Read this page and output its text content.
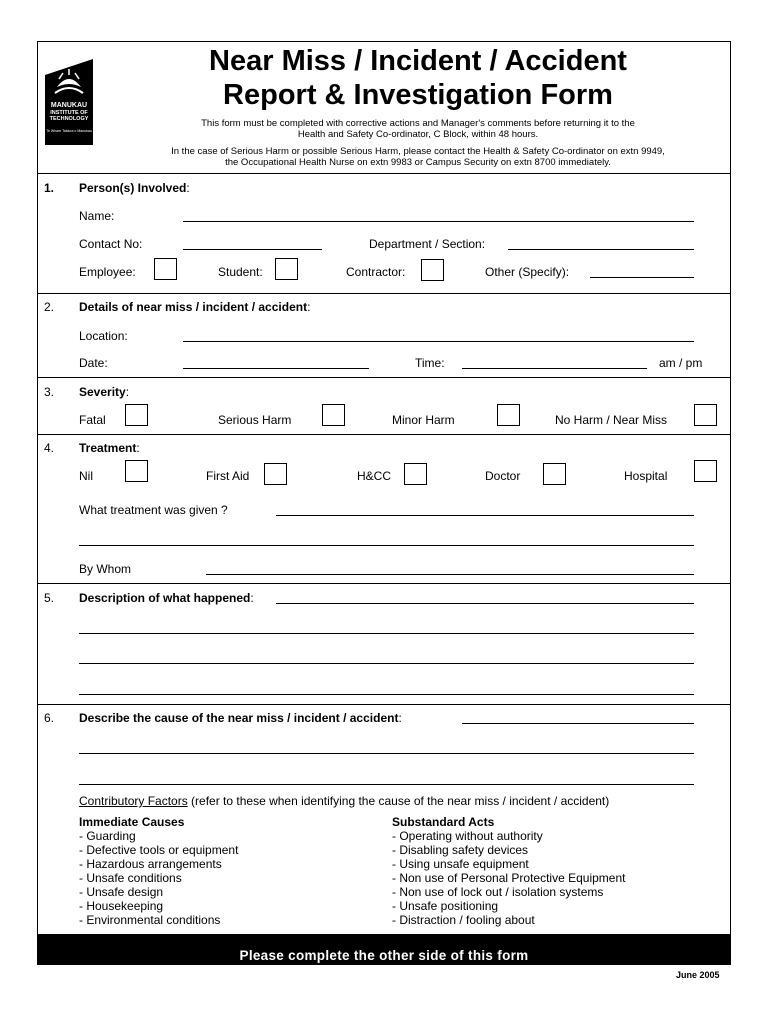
MANUKAU
INSTITUTE OF
TECHNOLOGY
Te Whare Takiura o Manukau
Near Miss / Incident / Accident
Report & Investigation Form
This form must be completed with corrective actions and Manager's comments before returning it to the
Health and Safety Co-ordinator, C Block, within 48 hours.
In the case of Serious Harm or possible Serious Harm, please contact the Health & Safety Co-ordinator on extn 9949,
the Occupational Health Nurse on extn 9983 or Campus Security on extn 8700 immediately.
1. Person(s) Involved:
Name:
Contact No:	Department / Section:
Employee:	Student:	Contractor:	Other (Specify):
2. Details of near miss / incident / accident:
Location:
Date:	Time:	am / pm
3. Severity:
Fatal	Serious Harm	Minor Harm	No Harm / Near Miss
4. Treatment:
Nil	First Aid	H&CC	Doctor	Hospital
What treatment was given ?
By Whom
5. Description of what happened:
6. Describe the cause of the near miss / incident / accident:
Contributory Factors (refer to these when identifying the cause of the near miss / incident / accident)
Immediate Causes
- Guarding
- Defective tools or equipment
- Hazardous arrangements
- Unsafe conditions
- Unsafe design
- Housekeeping
- Environmental conditions
Substandard Acts
- Operating without authority
- Disabling safety devices
- Using unsafe equipment
- Non use of Personal Protective Equipment
- Non use of lock out / isolation systems
- Unsafe positioning
- Distraction / fooling about
Please complete the other side of this form
June 2005
